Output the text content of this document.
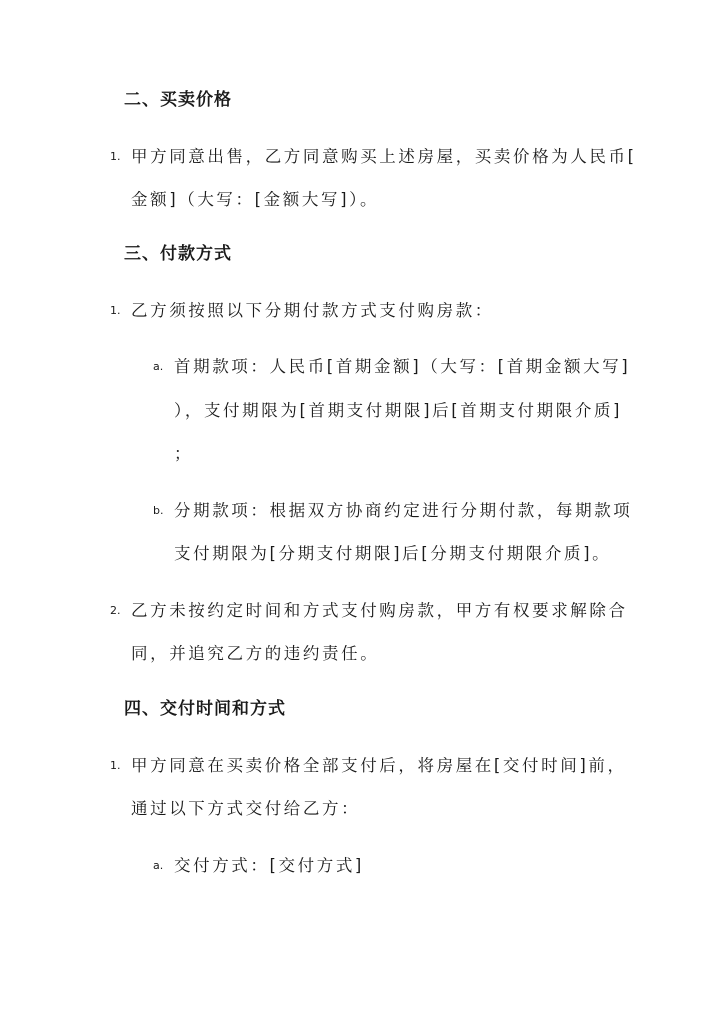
二、买卖价格
1. 甲方同意出售，乙方同意购买上述房屋，买卖价格为人民币[
金额]（大写：[金额大写]）。
三、付款方式
1. 乙方须按照以下分期付款方式支付购房款：
a. 首期款项：人民币[首期金额]（大写：[首期金额大写]
），支付期限为[首期支付期限]后[首期支付期限介质]
；
b. 分期款项：根据双方协商约定进行分期付款，每期款项
支付期限为[分期支付期限]后[分期支付期限介质]。
2. 乙方未按约定时间和方式支付购房款，甲方有权要求解除合
同，并追究乙方的违约责任。
四、交付时间和方式
1. 甲方同意在买卖价格全部支付后，将房屋在[交付时间]前，
通过以下方式交付给乙方：
a. 交付方式：[交付方式]
